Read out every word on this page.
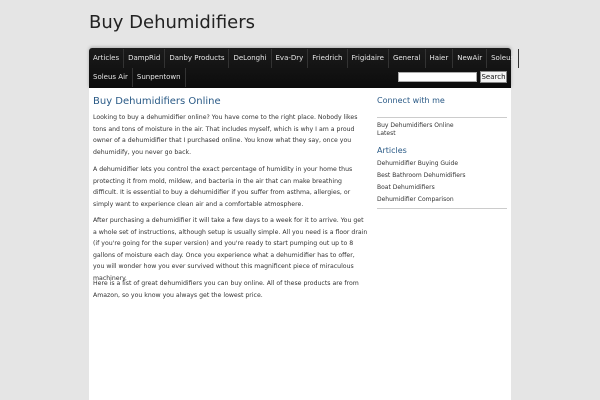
Buy Dehumidifiers
Articles	DampRid	Danby Products	DeLonghi	Eva-Dry	Friedrich	Frigidaire	General	Haier	NewAir	Soleus
Soleus Air	Sunpentown	Search
Buy Dehumidifiers Online

Looking to buy a dehumidifier online? You have come to the right place. Nobody likes tons and tons of moisture in the air. That includes myself, which is why I am a proud owner of a dehumidifier that I purchased online. You know what they say, once you dehumidify, you never go back.

A dehumidifier lets you control the exact percentage of humidity in your home thus protecting it from mold, mildew, and bacteria in the air that can make breathing difficult. It is essential to buy a dehumidifier if you suffer from asthma, allergies, or simply want to experience clean air and a comfortable atmosphere.

After purchasing a dehumidifier it will take a few days to a week for it to arrive. You get a whole set of instructions, although setup is usually simple. All you need is a floor drain (if you're going for the super version) and you're ready to start pumping out up to 8 gallons of moisture each day. Once you experience what a dehumidifier has to offer, you will wonder how you ever survived without this magnificent piece of miraculous machinery.

Here is a list of great dehumidifiers you can buy online. All of these products are from Amazon, so you know you always get the lowest price.

Connect with me
Buy Dehumidifiers Online
Latest
Articles
Dehumidifier Buying Guide
Best Bathroom Dehumidifiers
Boat Dehumidifiers
Dehumidifier Comparison
